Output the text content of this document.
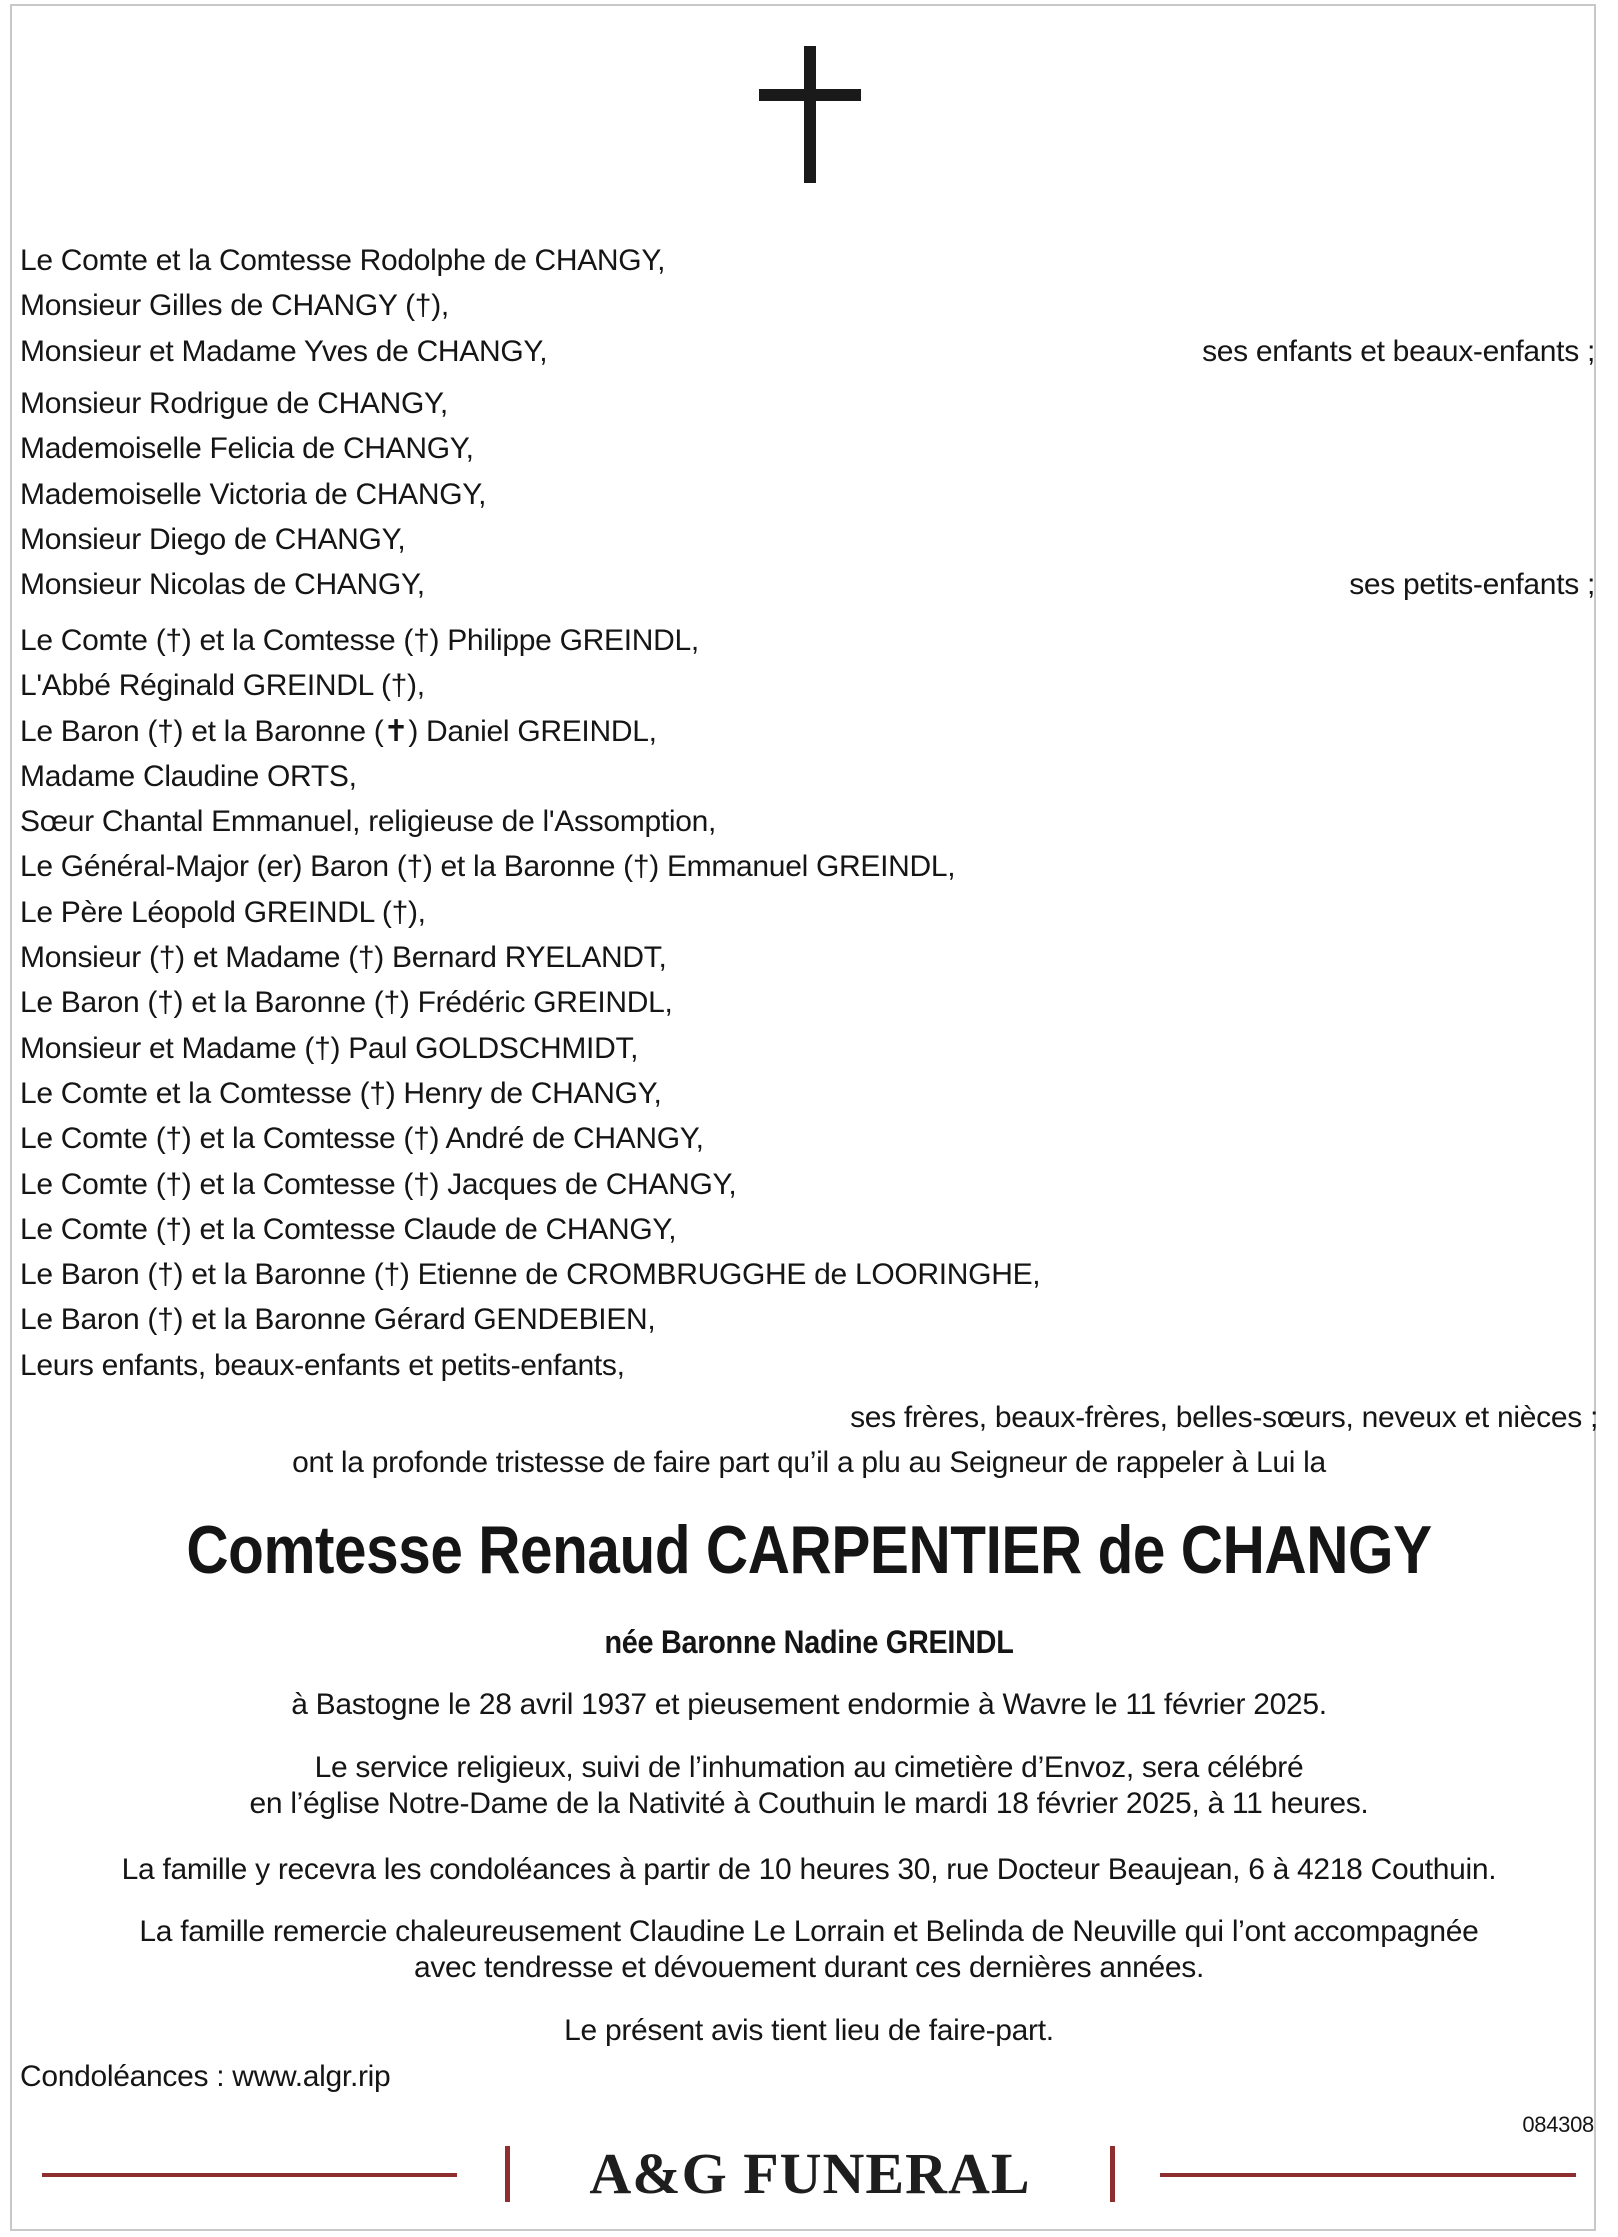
Le Comte et la Comtesse Rodolphe de CHANGY,
Monsieur Gilles de CHANGY (†),
Monsieur et Madame Yves de CHANGY,	ses enfants et beaux-enfants ;
Monsieur Rodrigue de CHANGY,
Mademoiselle Felicia de CHANGY,
Mademoiselle Victoria de CHANGY,
Monsieur Diego de CHANGY,
Monsieur Nicolas de CHANGY,	ses petits-enfants ;
Le Comte (†) et la Comtesse (†) Philippe GREINDL,
L'Abbé Réginald GREINDL (†),
Le Baron (†) et la Baronne (✝) Daniel GREINDL,
Madame Claudine ORTS,
Sœur Chantal Emmanuel, religieuse de l'Assomption,
Le Général-Major (er) Baron (†) et la Baronne (†) Emmanuel GREINDL,
Le Père Léopold GREINDL (†),
Monsieur (†) et Madame (†) Bernard RYELANDT,
Le Baron (†) et la Baronne (†) Frédéric GREINDL,
Monsieur et Madame (†) Paul GOLDSCHMIDT,
Le Comte et la Comtesse (†) Henry de CHANGY,
Le Comte (†) et la Comtesse (†) André de CHANGY,
Le Comte (†) et la Comtesse (†) Jacques de CHANGY,
Le Comte (†) et la Comtesse Claude de CHANGY,
Le Baron (†) et la Baronne (†) Etienne de CROMBRUGGHE de LOORINGHE,
Le Baron (†) et la Baronne Gérard GENDEBIEN,
Leurs enfants, beaux-enfants et petits-enfants,
ses frères, beaux-frères, belles-sœurs, neveux et nièces ;
ont la profonde tristesse de faire part qu’il a plu au Seigneur de rappeler à Lui la
Comtesse Renaud CARPENTIER de CHANGY
née Baronne Nadine GREINDL
à Bastogne le 28 avril 1937 et pieusement endormie à Wavre le 11 février 2025.
Le service religieux, suivi de l’inhumation au cimetière d’Envoz, sera célébré
en l’église Notre-Dame de la Nativité à Couthuin le mardi 18 février 2025, à 11 heures.
La famille y recevra les condoléances à partir de 10 heures 30, rue Docteur Beaujean, 6 à 4218 Couthuin.
La famille remercie chaleureusement Claudine Le Lorrain et Belinda de Neuville qui l’ont accompagnée
avec tendresse et dévouement durant ces dernières années.
Le présent avis tient lieu de faire-part.
Condoléances : www.algr.rip
084308
A&G FUNERAL
